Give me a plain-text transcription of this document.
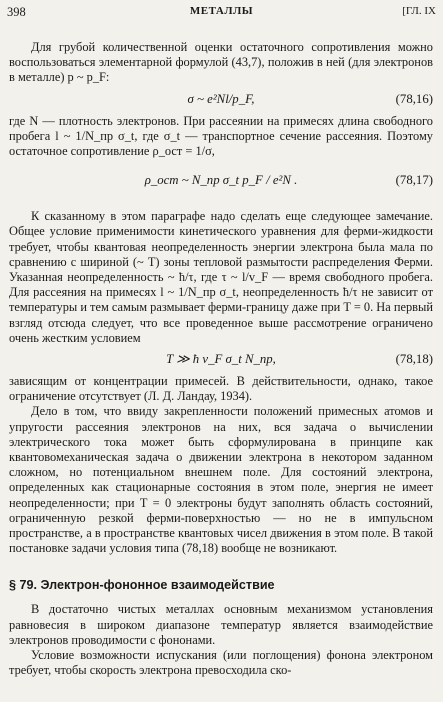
398	МЕТАЛЛЫ	[ГЛ. IX

Для грубой количественной оценки остаточного сопротивления можно воспользоваться элементарной формулой (43,7), положив в ней (для электронов в металле) p ~ p_F:

σ ~ e²Nl/p_F,	(78,16)

где N — плотность электронов. При рассеянии на примесях длина свободного пробега l ~ 1/N_пр σ_t, где σ_t — транспортное сечение рассеяния. Поэтому остаточное сопротивление ρ_ост = 1/σ,

ρ_ост ~ N_пр σ_t p_F / e²N .	(78,17)

К сказанному в этом параграфе надо сделать еще следующее замечание. Общее условие применимости кинетического уравнения для ферми-жидкости требует, чтобы квантовая неопределенность энергии электрона была мала по сравнению с шириной (~ T) зоны тепловой размытости распределения Ферми. Указанная неопределенность ~ ħ/τ, где τ ~ l/v_F — время свободного пробега. Для рассеяния на примесях l ~ 1/N_пр σ_t, неопределенность ħ/τ не зависит от температуры и тем самым размывает ферми-границу даже при T = 0. На первый взгляд отсюда следует, что все проведенное выше рассмотрение ограничено очень жестким условием

T ≫ ħ v_F σ_t N_пр,	(78,18)

зависящим от концентрации примесей. В действительности, однако, такое ограничение отсутствует (Л. Д. Ландау, 1934).

Дело в том, что ввиду закрепленности положений примесных атомов и упругости рассеяния электронов на них, вся задача о вычислении электрического тока может быть сформулирована в принципе как квантовомеханическая задача о движении электрона в некотором заданном сложном, но потенциальном внешнем поле. Для состояний электрона, определенных как стационарные состояния в этом поле, энергия не имеет неопределенности; при T = 0 электроны будут заполнять область состояний, ограниченную резкой ферми-поверхностью — но не в импульсном пространстве, а в пространстве квантовых чисел движения в этом поле. В такой постановке задачи условия типа (78,18) вообще не возникают.

§ 79. Электрон-фононное взаимодействие

В достаточно чистых металлах основным механизмом установления равновесия в широком диапазоне температур является взаимодействие электронов проводимости с фононами.

Условие возможности испускания (или поглощения) фонона электроном требует, чтобы скорость электрона превосходила ско-
